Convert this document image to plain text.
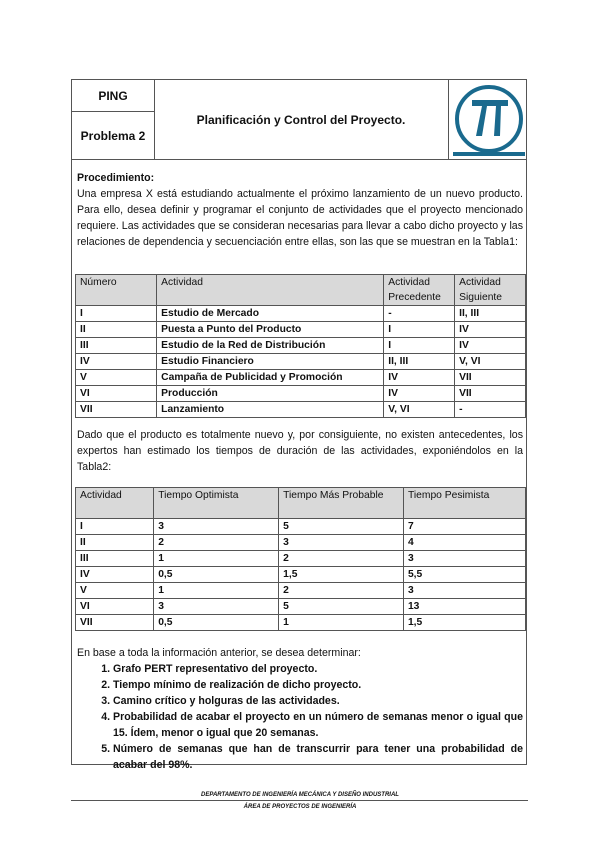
PING
Problema 2
Planificación y Control del Proyecto.
Procedimiento:
Una empresa X está estudiando actualmente el próximo lanzamiento de un nuevo producto. Para ello, desea definir y programar el conjunto de actividades que el proyecto mencionado requiere. Las actividades que se consideran necesarias para llevar a cabo dicho proyecto y las relaciones de dependencia y secuenciación entre ellas, son las que se muestran en la Tabla1:
Número	Actividad	Actividad Precedente	Actividad Siguiente
I	Estudio de Mercado	-	II, III
II	Puesta a Punto del Producto	I	IV
III	Estudio de la Red de Distribución	I	IV
IV	Estudio Financiero	II, III	V, VI
V	Campaña de Publicidad y Promoción	IV	VII
VI	Producción	IV	VII
VII	Lanzamiento	V, VI	-
Dado que el producto es totalmente nuevo y, por consiguiente, no existen antecedentes, los expertos han estimado los tiempos de duración de las actividades, exponiéndolos en la Tabla2:
Actividad	Tiempo Optimista	Tiempo Más Probable	Tiempo Pesimista
I	3	5	7
II	2	3	4
III	1	2	3
IV	0,5	1,5	5,5
V	1	2	3
VI	3	5	13
VII	0,5	1	1,5
En base a toda la información anterior, se desea determinar:
1. Grafo PERT representativo del proyecto.
2. Tiempo mínimo de realización de dicho proyecto.
3. Camino crítico y holguras de las actividades.
4. Probabilidad de acabar el proyecto en un número de semanas menor o igual que 15. Ídem, menor o igual que 20 semanas.
5. Número de semanas que han de transcurrir para tener una probabilidad de acabar del 98%.
DEPARTAMENTO DE INGENIERÍA MECÁNICA Y DISEÑO INDUSTRIAL
ÁREA DE PROYECTOS DE INGENIERÍA
